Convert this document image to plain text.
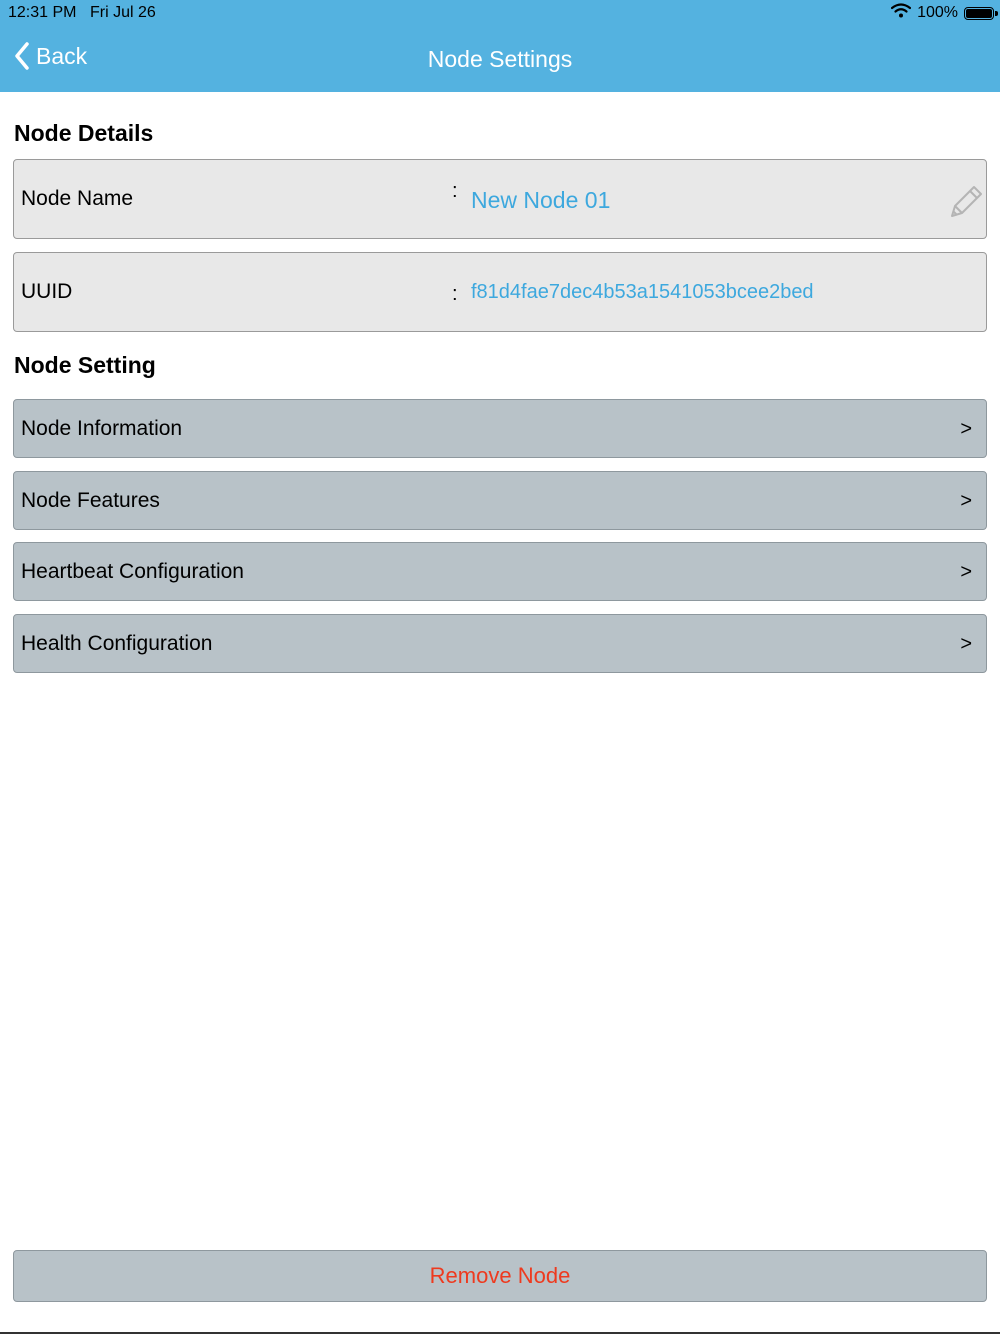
12:31 PM Fri Jul 26	100%
Back	Node Settings
Node Details
Node Name	: New Node 01
UUID	: f81d4fae7dec4b53a1541053bcee2bed
Node Setting
Node Information	>
Node Features	>
Heartbeat Configuration	>
Health Configuration	>
Remove Node
